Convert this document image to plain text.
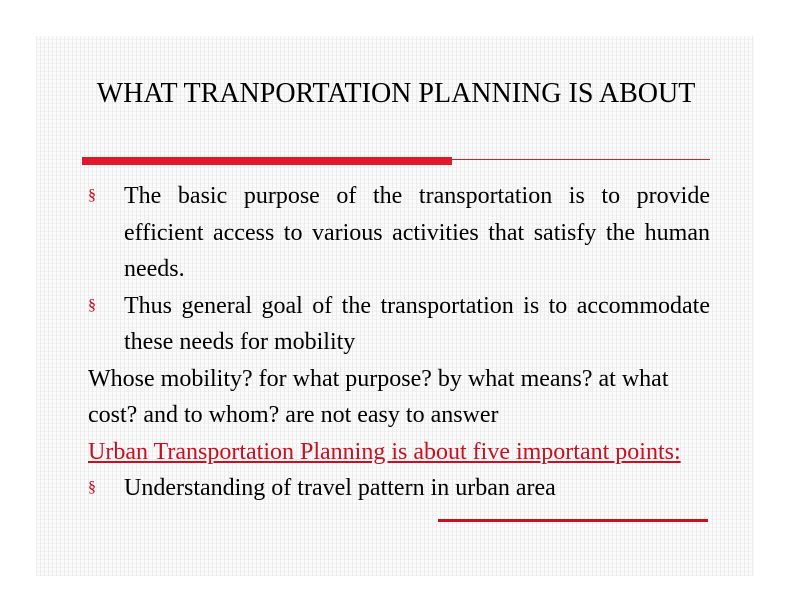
WHAT TRANPORTATION PLANNING IS ABOUT
§	The basic purpose of the transportation is to provide efficient access to various activities that satisfy the human needs.
§	Thus general goal of the transportation is to accommodate these needs for mobility
Whose mobility? for what purpose? by what means? at what cost? and to whom? are not easy to answer
Urban Transportation Planning is about five important points:
§	Understanding of travel pattern in urban area
